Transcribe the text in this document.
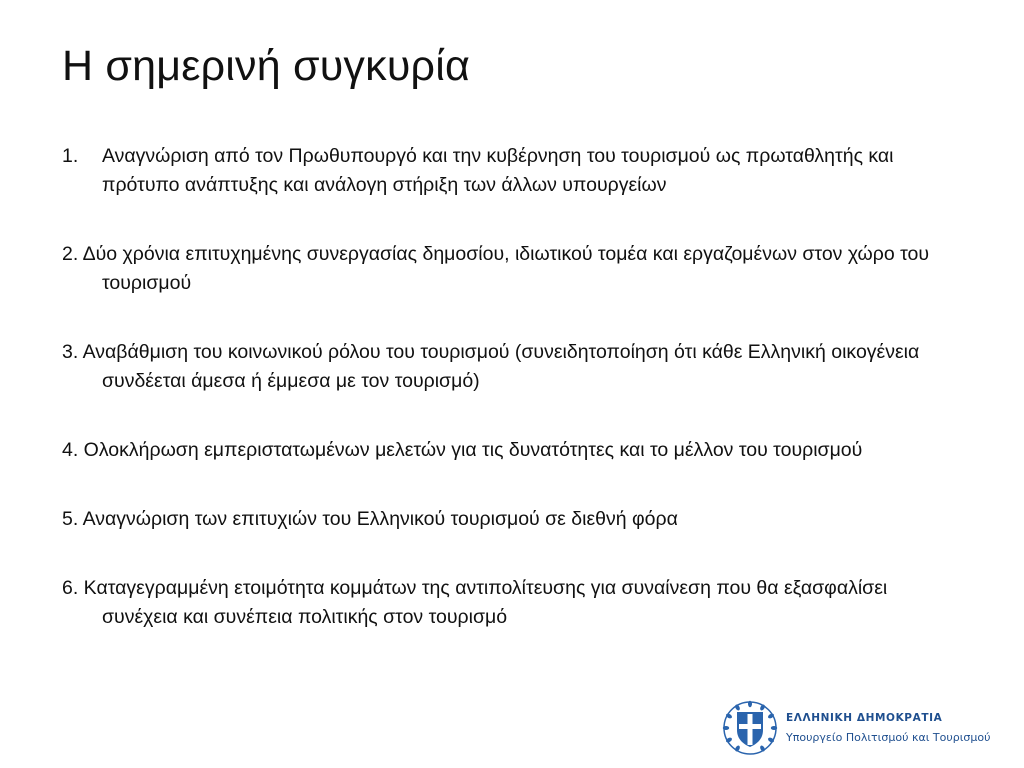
Η σημερινή συγκυρία
1. Αναγνώριση από τον Πρωθυπουργό και την κυβέρνηση του τουρισμού ως πρωταθλητής και πρότυπο ανάπτυξης και ανάλογη στήριξη των άλλων υπουργείων
2. Δύο χρόνια επιτυχημένης συνεργασίας δημοσίου, ιδιωτικού τομέα και εργαζομένων στον χώρο του τουρισμού
3. Αναβάθμιση του κοινωνικού ρόλου του τουρισμού (συνειδητοποίηση ότι κάθε Ελληνική οικογένεια συνδέεται άμεσα ή έμμεσα με τον τουρισμό)
4. Ολοκλήρωση εμπεριστατωμένων μελετών για τις δυνατότητες και το μέλλον του τουρισμού
5. Αναγνώριση των επιτυχιών του Ελληνικού τουρισμού σε διεθνή φόρα
6. Καταγεγραμμένη ετοιμότητα κομμάτων της αντιπολίτευσης για συναίνεση που θα εξασφαλίσει συνέχεια και συνέπεια πολιτικής στον τουρισμό
ΕΛΛΗΝΙΚΗ ΔΗΜΟΚΡΑΤΙΑ
Υπουργείο Πολιτισμού και Τουρισμού
